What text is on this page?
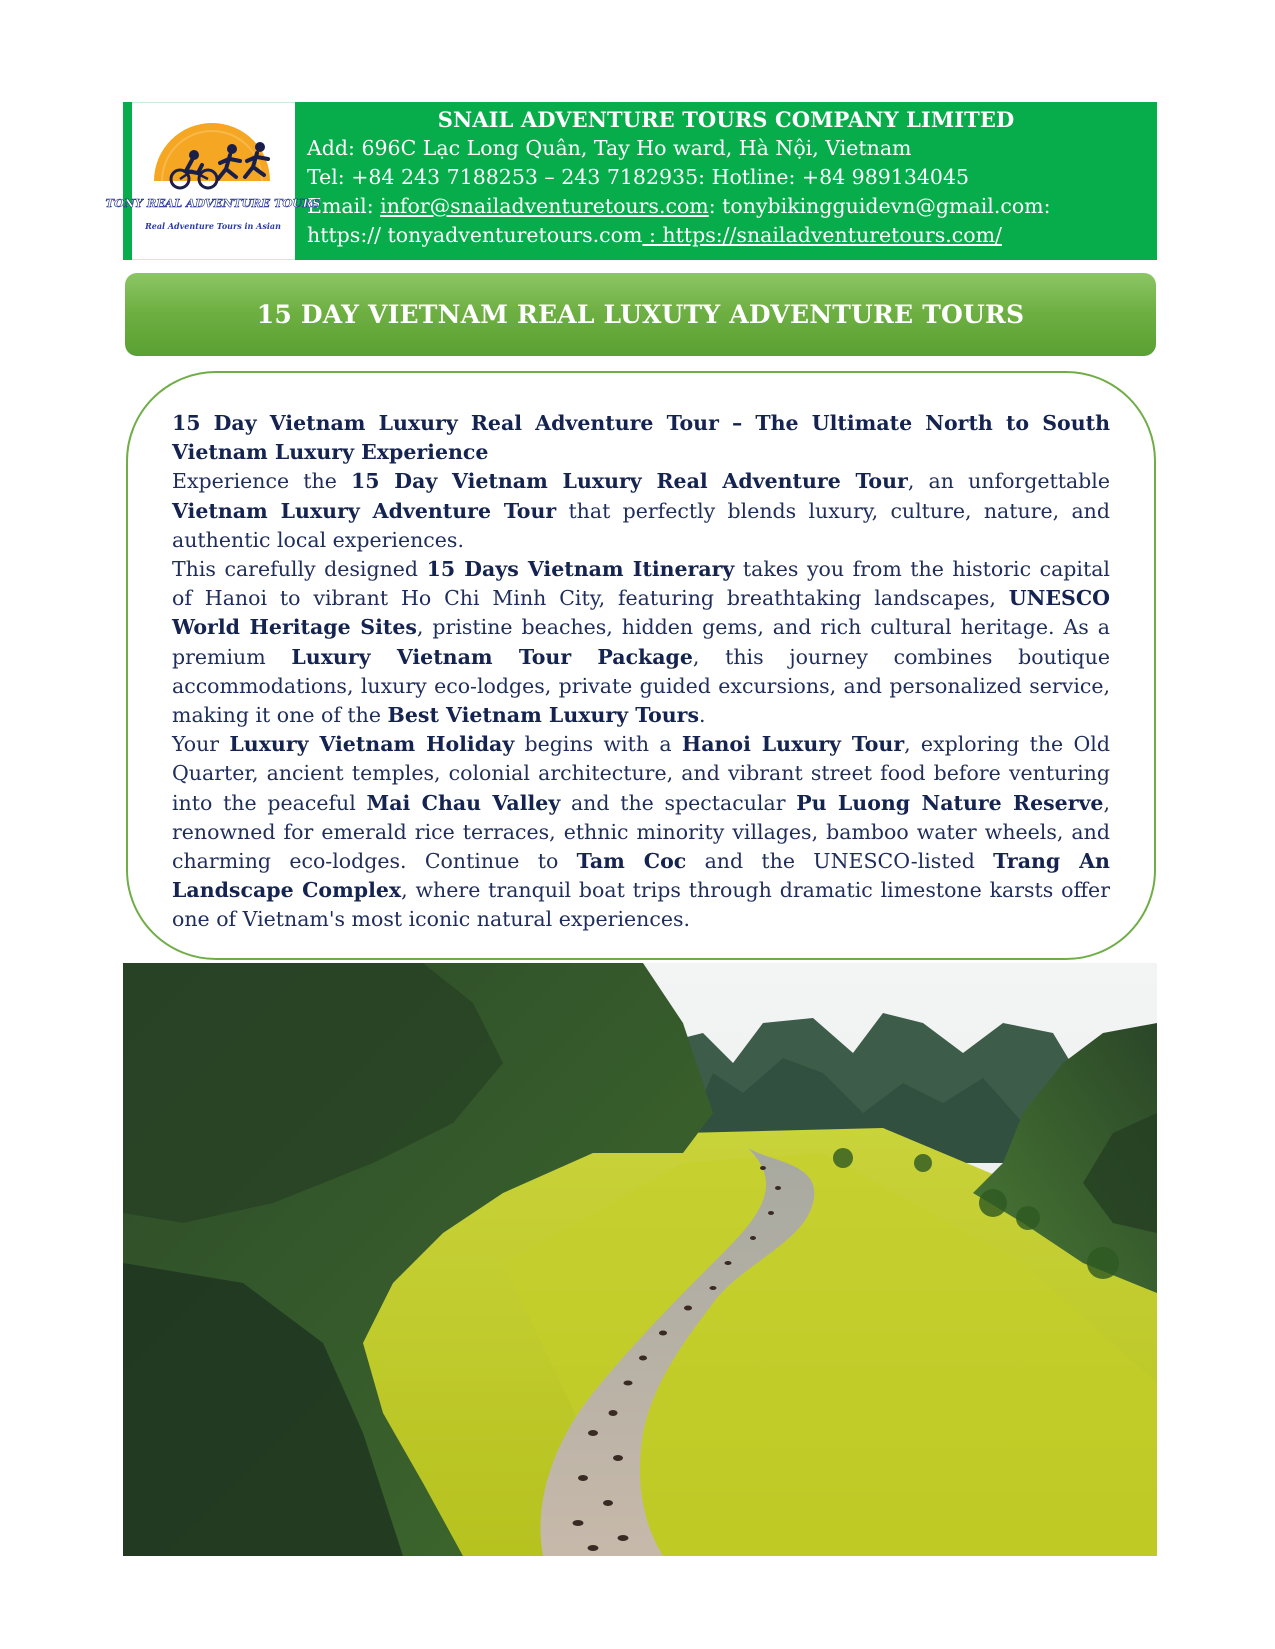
TONY REAL ADVENTURE TOURS
Real Adventure Tours in Asian
SNAIL ADVENTURE TOURS COMPANY LIMITED
Add: 696C Lạc Long Quân, Tay Ho ward, Hà Nội, Vietnam
Tel: +84 243 7188253 – 243 7182935: Hotline: +84 989134045
Email: infor@snailadventuretours.com: tonybikingguidevn@gmail.com:
https:// tonyadventuretours.com : https://snailadventuretours.com/
15 DAY VIETNAM REAL LUXUTY ADVENTURE TOURS

15 Day Vietnam Luxury Real Adventure Tour – The Ultimate North to South Vietnam Luxury Experience

Experience the 15 Day Vietnam Luxury Real Adventure Tour, an unforgettable Vietnam Luxury Adventure Tour that perfectly blends luxury, culture, nature, and authentic local experiences.

This carefully designed 15 Days Vietnam Itinerary takes you from the historic capital of Hanoi to vibrant Ho Chi Minh City, featuring breathtaking landscapes, UNESCO World Heritage Sites, pristine beaches, hidden gems, and rich cultural heritage. As a premium Luxury Vietnam Tour Package, this journey combines boutique accommodations, luxury eco-lodges, private guided excursions, and personalized service, making it one of the Best Vietnam Luxury Tours.

Your Luxury Vietnam Holiday begins with a Hanoi Luxury Tour, exploring the Old Quarter, ancient temples, colonial architecture, and vibrant street food before venturing into the peaceful Mai Chau Valley and the spectacular Pu Luong Nature Reserve, renowned for emerald rice terraces, ethnic minority villages, bamboo water wheels, and charming eco-lodges. Continue to Tam Coc and the UNESCO-listed Trang An Landscape Complex, where tranquil boat trips through dramatic limestone karsts offer one of Vietnam's most iconic natural experiences.
